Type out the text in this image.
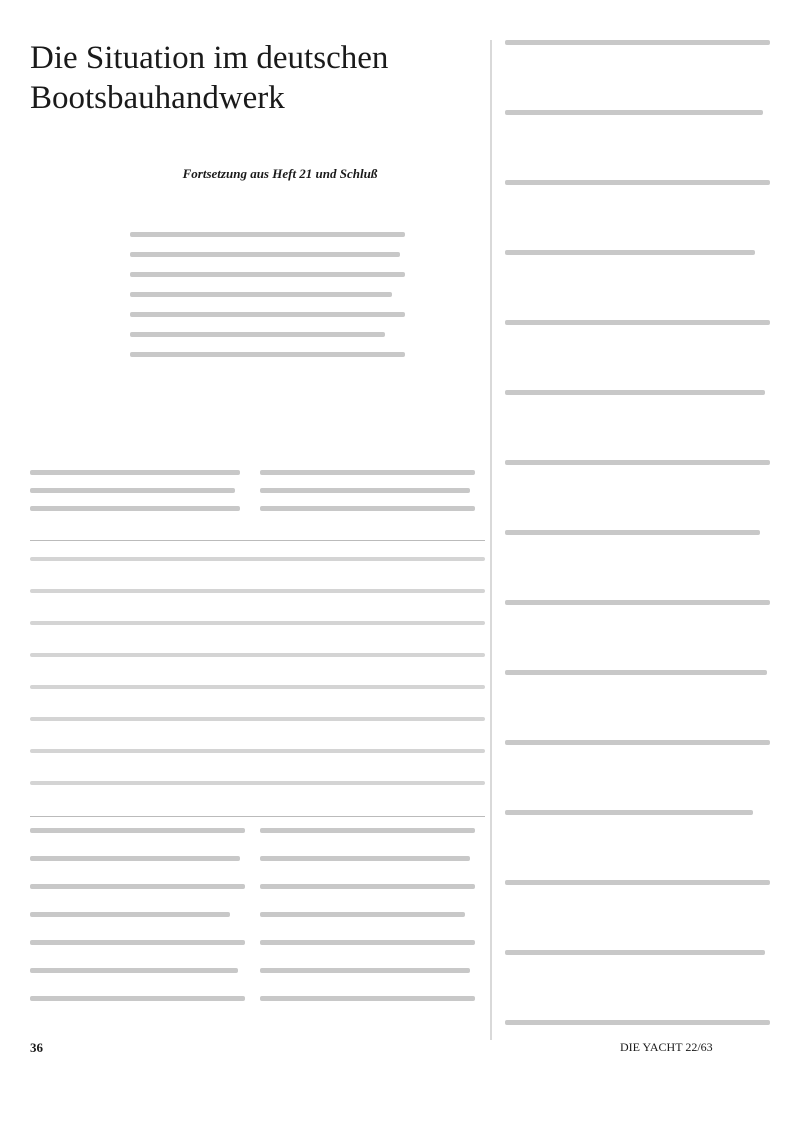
Die Situation im deutschen Bootsbauhandwerk
Fortsetzung aus Heft 21 und Schluß
36	DIE YACHT 22/63
